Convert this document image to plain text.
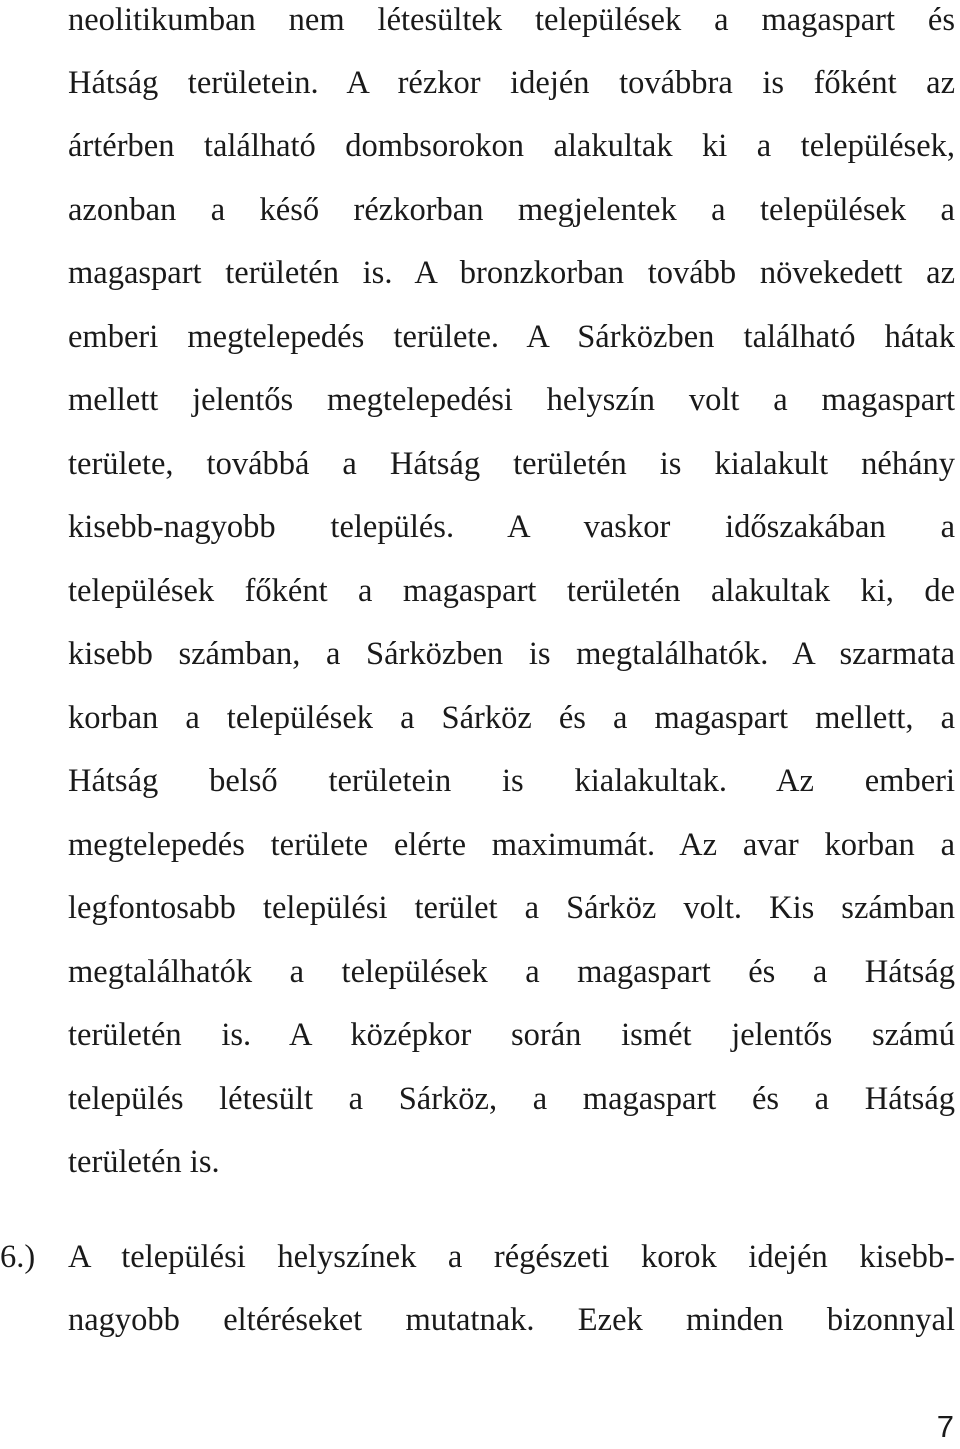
neolitikumban nem létesültek települések a magaspart és
Hátság területein. A rézkor idején továbbra is főként az
ártérben található dombsorokon alakultak ki a települések,
azonban a késő rézkorban megjelentek a települések a
magaspart területén is. A bronzkorban tovább növekedett az
emberi megtelepedés területe. A Sárközben található hátak
mellett jelentős megtelepedési helyszín volt a magaspart
területe, továbbá a Hátság területén is kialakult néhány
kisebb-nagyobb település. A vaskor időszakában a
települések főként a magaspart területén alakultak ki, de
kisebb számban, a Sárközben is megtalálhatók. A szarmata
korban a települések a Sárköz és a magaspart mellett, a
Hátság belső területein is kialakultak. Az emberi
megtelepedés területe elérte maximumát. Az avar korban a
legfontosabb települési terület a Sárköz volt. Kis számban
megtalálhatók a települések a magaspart és a Hátság
területén is. A középkor során ismét jelentős számú
település létesült a Sárköz, a magaspart és a Hátság
területén is.
6.)	A települési helyszínek a régészeti korok idején kisebb-
nagyobb eltéréseket mutatnak. Ezek minden bizonnyal
7
